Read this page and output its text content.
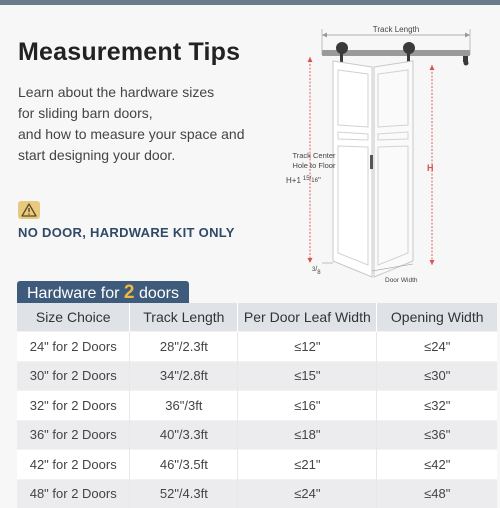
Measurement Tips
Learn about the hardware sizes
for sliding barn doors,
and how to measure your space and
start designing your door.
NO DOOR, HARDWARE KIT ONLY
Track Length
Track Center
Hole to Floor
H+1 $^{15}/_{16}$"
H
$^3/_8$
Door Width
Hardware for 2 doors
Size Choice	Track Length	Per Door Leaf Width	Opening Width
24" for 2 Doors	28"/2.3ft	≤12"	≤24"
30" for 2 Doors	34"/2.8ft	≤15"	≤30"
32" for 2 Doors	36"/3ft	≤16"	≤32"
36" for 2 Doors	40"/3.3ft	≤18"	≤36"
42" for 2 Doors	46"/3.5ft	≤21"	≤42"
48" for 2 Doors	52"/4.3ft	≤24"	≤48"
